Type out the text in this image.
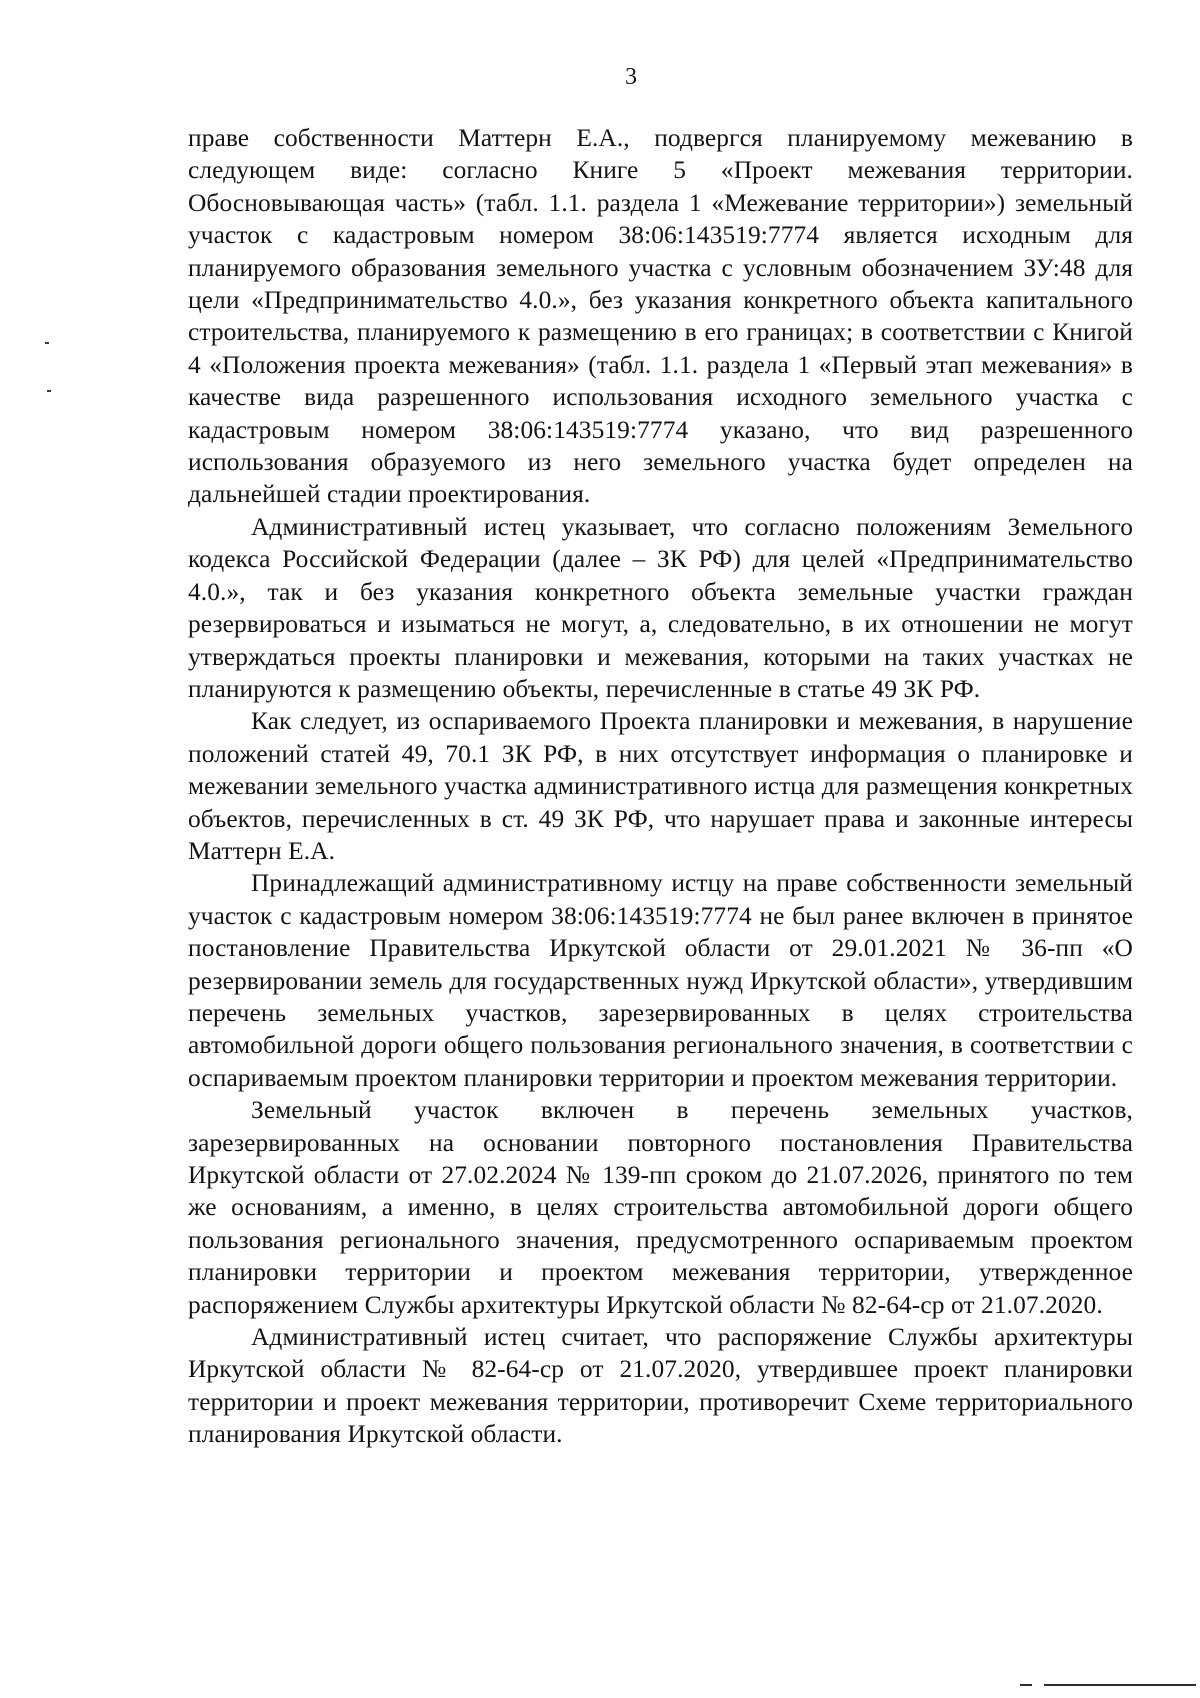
3

праве собственности Маттерн Е.А., подвергся планируемому межеванию в следующем виде: согласно Книге 5 «Проект межевания территории. Обосновывающая часть» (табл. 1.1. раздела 1 «Межевание территории») земельный участок с кадастровым номером 38:06:143519:7774 является исходным для планируемого образования земельного участка с условным обозначением ЗУ:48 для цели «Предпринимательство 4.0.», без указания конкретного объекта капитального строительства, планируемого к размещению в его границах; в соответствии с Книгой 4 «Положения проекта межевания» (табл. 1.1. раздела 1 «Первый этап межевания» в качестве вида разрешенного использования исходного земельного участка с кадастровым номером 38:06:143519:7774 указано, что вид разрешенного использования образуемого из него земельного участка будет определен на дальнейшей стадии проектирования.

Административный истец указывает, что согласно положениям Земельного кодекса Российской Федерации (далее – ЗК РФ) для целей «Предпринимательство 4.0.», так и без указания конкретного объекта земельные участки граждан резервироваться и изыматься не могут, а, следовательно, в их отношении не могут утверждаться проекты планировки и межевания, которыми на таких участках не планируются к размещению объекты, перечисленные в статье 49 ЗК РФ.

Как следует, из оспариваемого Проекта планировки и межевания, в нарушение положений статей 49, 70.1 ЗК РФ, в них отсутствует информация о планировке и межевании земельного участка административного истца для размещения конкретных объектов, перечисленных в ст. 49 ЗК РФ, что нарушает права и законные интересы Маттерн Е.А.

Принадлежащий административному истцу на праве собственности земельный участок с кадастровым номером 38:06:143519:7774 не был ранее включен в принятое постановление Правительства Иркутской области от 29.01.2021 № 36-пп «О резервировании земель для государственных нужд Иркутской области», утвердившим перечень земельных участков, зарезервированных в целях строительства автомобильной дороги общего пользования регионального значения, в соответствии с оспариваемым проектом планировки территории и проектом межевания территории.

Земельный участок включен в перечень земельных участков, зарезервированных на основании повторного постановления Правительства Иркутской области от 27.02.2024 № 139-пп сроком до 21.07.2026, принятого по тем же основаниям, а именно, в целях строительства автомобильной дороги общего пользования регионального значения, предусмотренного оспариваемым проектом планировки территории и проектом межевания территории, утвержденное распоряжением Службы архитектуры Иркутской области № 82-64-ср от 21.07.2020.

Административный истец считает, что распоряжение Службы архитектуры Иркутской области № 82-64-ср от 21.07.2020, утвердившее проект планировки территории и проект межевания территории, противоречит Схеме территориального планирования Иркутской области.
